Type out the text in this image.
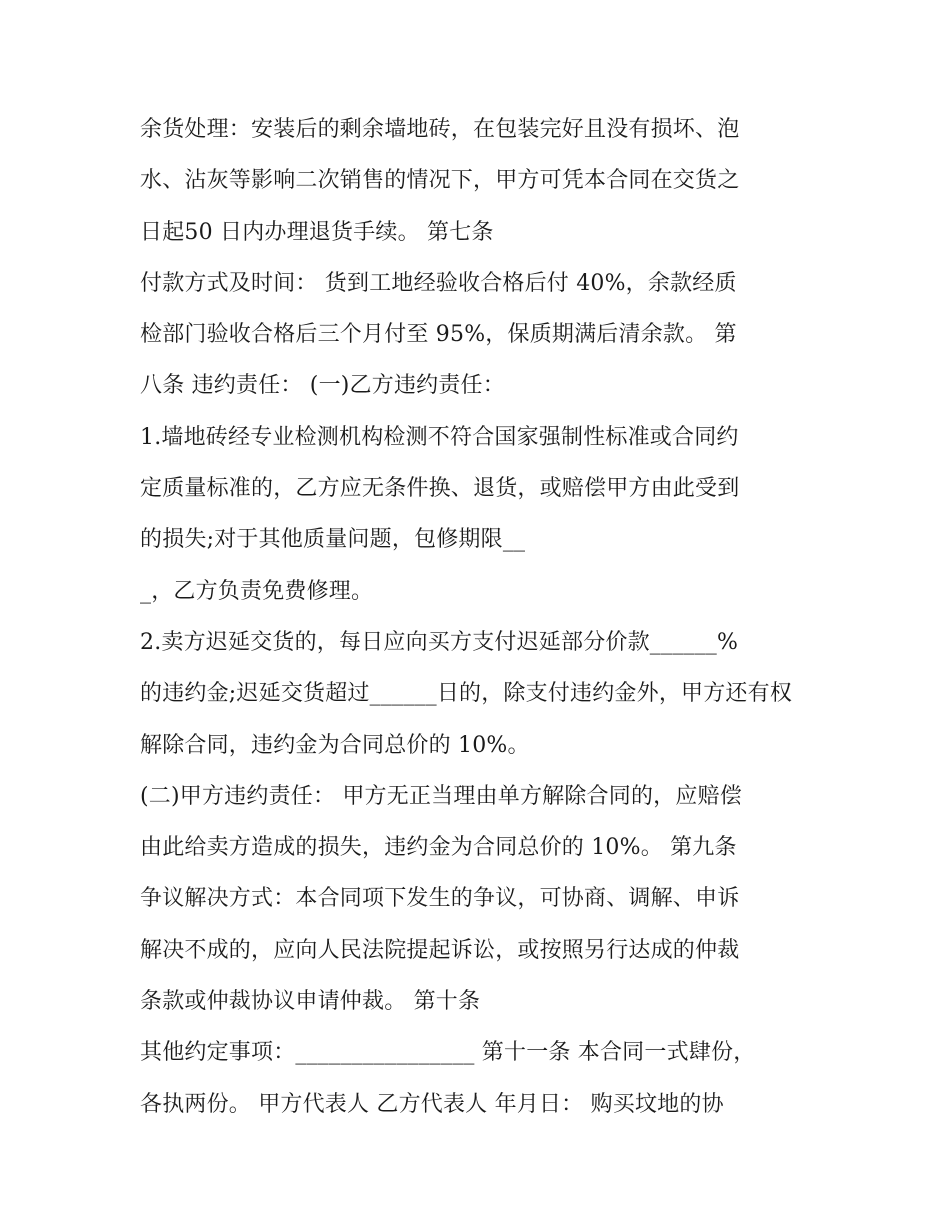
余货处理：安装后的剩余墙地砖，在包装完好且没有损坏、泡
水、沾灰等影响二次销售的情况下，甲方可凭本合同在交货之
日起50 日内办理退货手续。 第七条
付款方式及时间： 货到工地经验收合格后付 40%，余款经质
检部门验收合格后三个月付至 95%，保质期满后清余款。 第
八条 违约责任： (一)乙方违约责任：
1.墙地砖经专业检测机构检测不符合国家强制性标准或合同约
定质量标准的，乙方应无条件换、退货，或赔偿甲方由此受到
的损失;对于其他质量问题，包修期限__
_，乙方负责免费修理。
2.卖方迟延交货的，每日应向买方支付迟延部分价款______%
的违约金;迟延交货超过______日的，除支付违约金外，甲方还有权
解除合同，违约金为合同总价的 10%。
(二)甲方违约责任： 甲方无正当理由单方解除合同的，应赔偿
由此给卖方造成的损失，违约金为合同总价的 10%。 第九条
争议解决方式：本合同项下发生的争议，可协商、调解、申诉
解决不成的，应向人民法院提起诉讼，或按照另行达成的仲裁
条款或仲裁协议申请仲裁。 第十条
其他约定事项：________________ 第十一条 本合同一式肆份，
各执两份。 甲方代表人 乙方代表人 年月日： 购买坟地的协
